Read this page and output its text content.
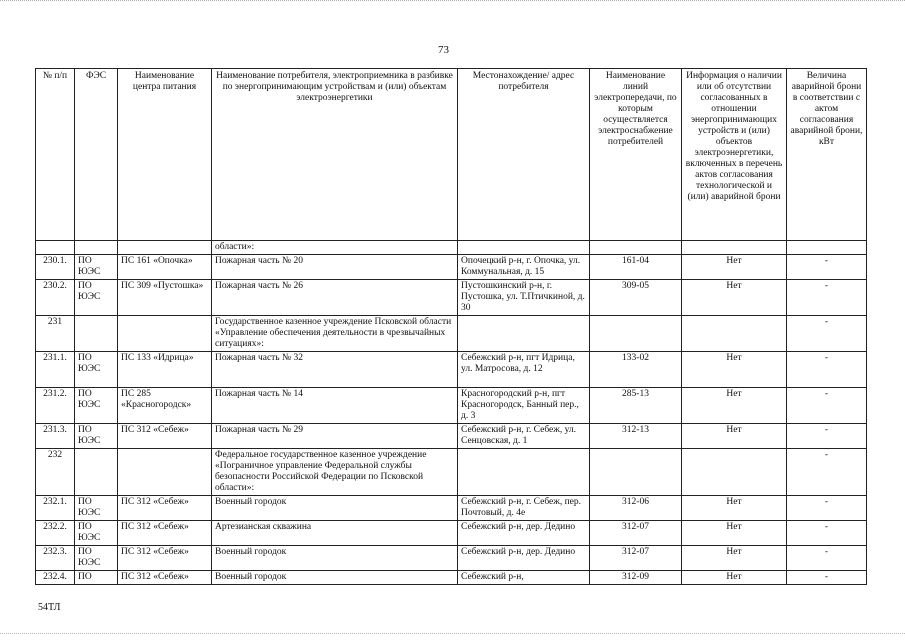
73
№ п/п	ФЭС	Наименование центра питания	Наименование потребителя, электроприемника в разбивке по энергопринимающим устройствам и (или) объектам электроэнергетики	Местонахождение/ адрес потребителя	Наименование линий электропередачи, по которым осуществляется электроснабжение потребителей	Информация о наличии или об отсутствии согласованных в отношении энергопринимающих устройств и (или) объектов электроэнергетики, включенных в перечень актов согласования технологической и (или) аварийной брони	Величина аварийной брони в соответствии с актом согласования аварийной брони, кВт
			области»:				
230.1.	ПО ЮЭС	ПС 161 «Опочка»	Пожарная часть № 20	Опочецкий р-н, г. Опочка, ул. Коммунальная, д. 15	161-04	Нет	-
230.2.	ПО ЮЭС	ПС 309 «Пустошка»	Пожарная часть № 26	Пустошкинский р-н, г. Пустошка, ул. Т.Птичкиной, д. 30	309-05	Нет	-
231			Государственное казенное учреждение Псковской области «Управление обеспечения деятельности в чрезвычайных ситуациях»:				-
231.1.	ПО ЮЭС	ПС 133 «Идрица»	Пожарная часть № 32	Себежский р-н, пгт Идрица, ул. Матросова, д. 12	133-02	Нет	-
231.2.	ПО ЮЭС	ПС 285 «Красногородск»	Пожарная часть № 14	Красногородский р-н, пгт Красногородск, Банный пер., д. 3	285-13	Нет	-
231.3.	ПО ЮЭС	ПС 312 «Себеж»	Пожарная часть № 29	Себежский р-н, г. Себеж, ул. Сенцовская, д. 1	312-13	Нет	-
232			Федеральное государственное казенное учреждение «Пограничное управление Федеральной службы безопасности Российской Федерации по Псковской области»:				-
232.1.	ПО ЮЭС	ПС 312 «Себеж»	Военный городок	Себежский р-н, г. Себеж, пер. Почтовый, д. 4е	312-06	Нет	-
232.2.	ПО ЮЭС	ПС 312 «Себеж»	Артезианская скважина	Себежский р-н, дер. Дедино	312-07	Нет	-
232.3.	ПО ЮЭС	ПС 312 «Себеж»	Военный городок	Себежский р-н, дер. Дедино	312-07	Нет	-
232.4.	ПО	ПС 312 «Себеж»	Военный городок	Себежский р-н,	312-09	Нет	-
54ТЛ
